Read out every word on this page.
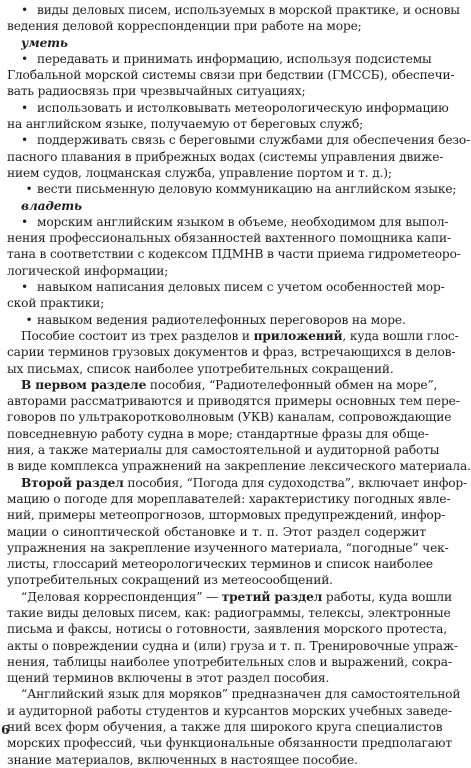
•виды деловых писем, используемых в морской практике, и основы
ведения деловой корреспонденции при работе на море;
уметь
•передавать и принимать информацию, используя подсистемы
Глобальной морской системы связи при бедствии (ГМССБ), обеспечи-
вать радиосвязь при чрезвычайных ситуациях;
•использовать и истолковывать метеорологическую информацию
на английском языке, получаемую от береговых служб;
•поддерживать связь с береговыми службами для обеспечения безо-
пасного плавания в прибрежных водах (системы управления движе-
нием судов, лоцманская служба, управление портом и т. д.);
•вести письменную деловую коммуникацию на английском языке;
владеть
•морским английским языком в объеме, необходимом для выпол-
нения профессиональных обязанностей вахтенного помощника капи-
тана в соответствии с кодексом ПДМНВ в части приема гидрометеоро-
логической информации;
•навыком написания деловых писем с учетом особенностей мор-
ской практики;
•навыком ведения радиотелефонных переговоров на море.
Пособие состоит из трех разделов и приложений, куда вошли глос-
сарии терминов грузовых документов и фраз, встречающихся в делов-
ых письмах, список наиболее употребительных сокращений.
В первом разделе пособия, “Радиотелефонный обмен на море”,
авторами рассматриваются и приводятся примеры основных тем пере-
говоров по ультракоротковолновым (УКВ) каналам, сопровождающие
повседневную работу судна в море; стандартные фразы для обще-
ния, а также материалы для самостоятельной и аудиторной работы
в виде комплекса упражнений на закрепление лексического материала.
Второй раздел пособия, “Погода для судоходства”, включает инфор-
мацию о погоде для мореплавателей: характеристику погодных явле-
ний, примеры метеопрогнозов, штормовых предупреждений, инфор-
мации о синоптической обстановке и т. п. Этот раздел содержит
упражнения на закрепление изученного материала, “погодные” чек-
листы, глоссарий метеорологических терминов и список наиболее
употребительных сокращений из метеосообщений.
“Деловая корреспонденция” — третий раздел работы, куда вошли
такие виды деловых писем, как: радиограммы, телексы, электронные
письма и факсы, нотисы о готовности, заявления морского протеста,
акты о повреждении судна и (или) груза и т. п. Тренировочные упраж-
нения, таблицы наиболее употребительных слов и выражений, сокра-
щений терминов включены в этот раздел пособия.
“Английский язык для моряков” предназначен для самостоятельной
и аудиторной работы студентов и курсантов морских учебных заведе-
ний всех форм обучения, а также для широкого круга специалистов
морских профессий, чьи функциональные обязанности предполагают
знание материалов, включенных в настоящее пособие.
6
